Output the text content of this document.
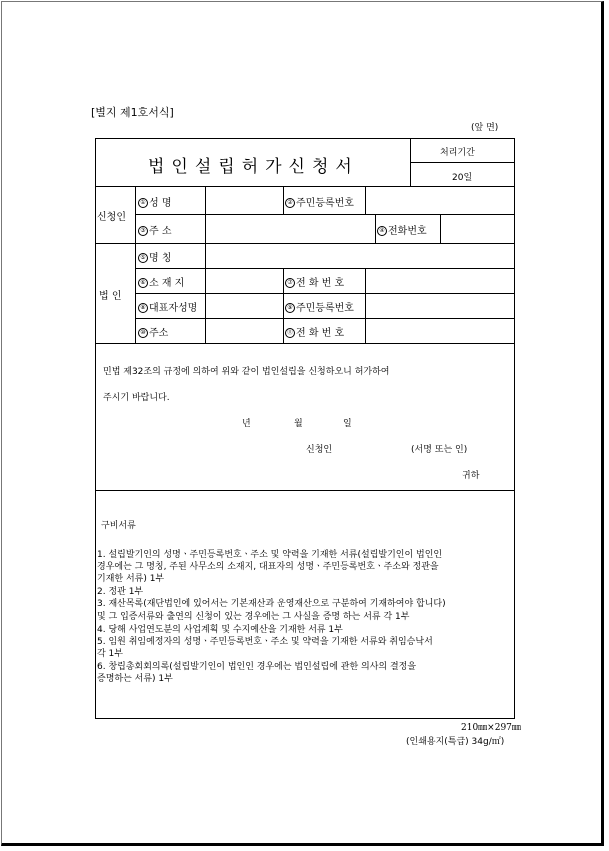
[별지 제1호서식]
(앞 면)
법인설립허가신청서
처리기간
20일
신청인
① 성 명	② 주민등록번호
③ 주 소	④ 전화번호
법 인
⑤ 명 칭
⑥ 소 재 지	⑦ 전 화 번 호
⑧ 대표자성명	⑨ 주민등록번호
⑩ 주소	⑪ 전 화 번 호
민법 제32조의 규정에 의하여 위와 같이 법인설립을 신청하오니 허가하여
주시기 바랍니다.
년	월	일
신청인	(서명 또는 인)
귀하
구비서류
1. 설립발기인의 성명ㆍ주민등록번호ㆍ주소 및 약력을 기재한 서류(설립발기인이 법인인
경우에는 그 명칭, 주된 사무소의 소재지, 대표자의 성명ㆍ주민등록번호ㆍ주소와 정관을
기재한 서류) 1부
2. 정관 1부
3. 재산목록(재단법인에 있어서는 기본재산과 운영재산으로 구분하여 기재하여야 합니다)
및 그 입증서류와 출연의 신청이 있는 경우에는 그 사실을 증명 하는 서류 각 1부
4. 당해 사업연도분의 사업계획 및 수지예산을 기재한 서류 1부
5. 임원 취임예정자의 성명ㆍ주민등록번호ㆍ주소 및 약력을 기재한 서류와 취임승낙서
각 1부
6. 창립총회회의록(설립발기인이 법인인 경우에는 법인설립에 관한 의사의 결정을
증명하는 서류) 1부
210㎜×297㎜
(인쇄용지(특급) 34g/㎡)
